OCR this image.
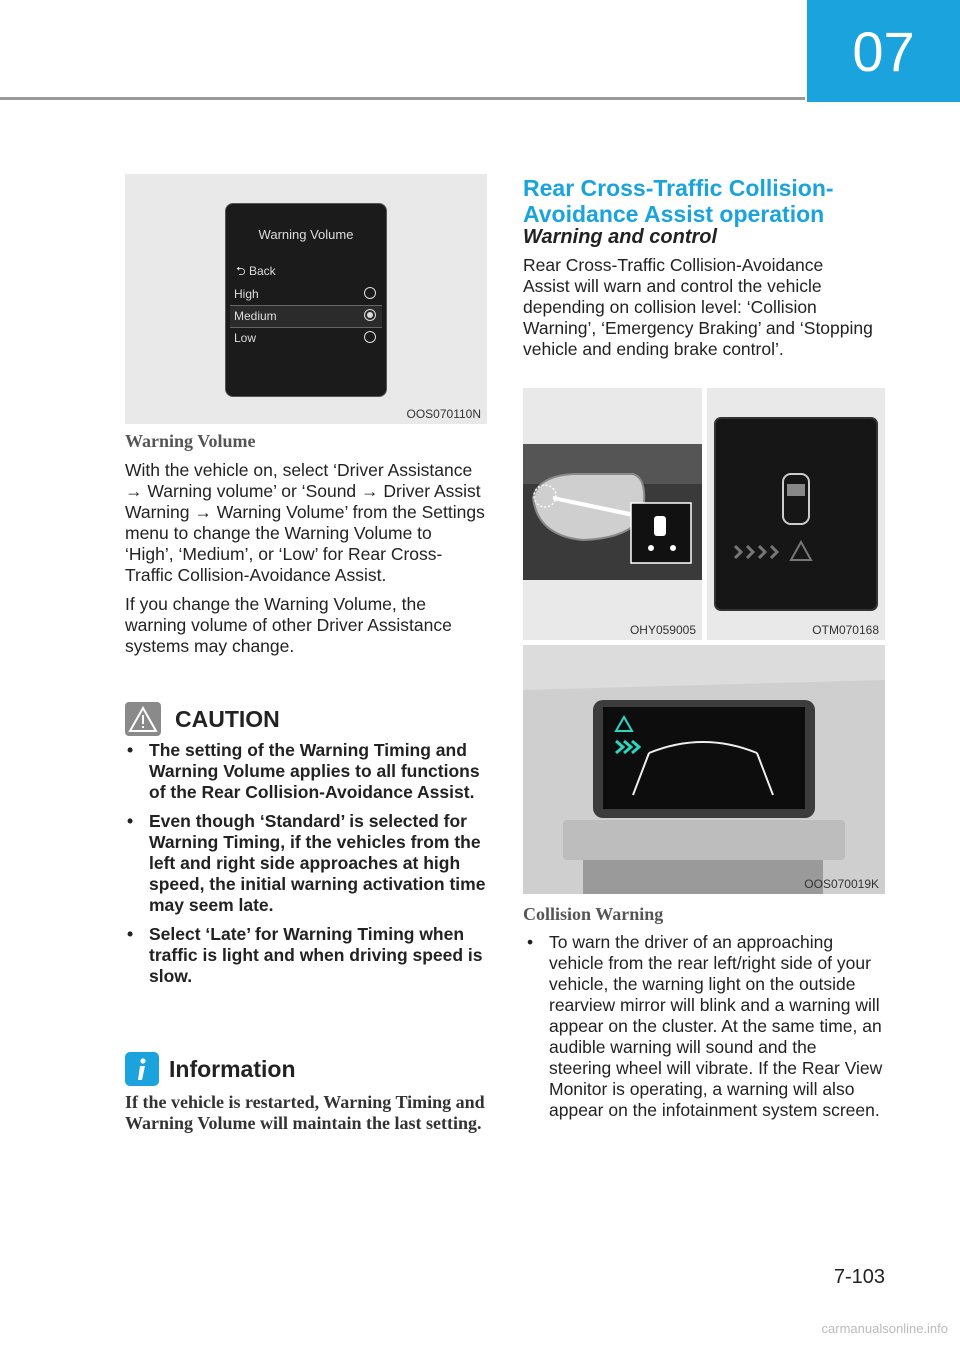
07
Warning Volume
⮌ Back
High
Medium
Low
OOS070110N
Warning Volume

With the vehicle on, select ‘Driver Assistance → Warning volume’ or ‘Sound → Driver Assist Warning → Warning Volume’ from the Settings menu to change the Warning Volume to ‘High’, ‘Medium’, or ‘Low’ for Rear Cross-Traffic Collision-Avoidance Assist.

If you change the Warning Volume, the warning volume of other Driver Assistance systems may change.

CAUTION
• The setting of the Warning Timing and Warning Volume applies to all functions of the Rear Collision-Avoidance Assist.
• Even though ‘Standard’ is selected for Warning Timing, if the vehicles from the left and right side approaches at high speed, the initial warning activation time may seem late.
• Select ‘Late’ for Warning Timing when traffic is light and when driving speed is slow.
Information
If the vehicle is restarted, Warning Timing and Warning Volume will maintain the last setting.
Rear Cross-Traffic Collision-Avoidance Assist operation
Warning and control
Rear Cross-Traffic Collision-Avoidance Assist will warn and control the vehicle depending on collision level: ‘Collision Warning’, ‘Emergency Braking’ and ‘Stopping vehicle and ending brake control’.
OHY059005	OTM070168
OOS070019K
Collision Warning
• To warn the driver of an approaching vehicle from the rear left/right side of your vehicle, the warning light on the outside rearview mirror will blink and a warning will appear on the cluster. At the same time, an audible warning will sound and the steering wheel will vibrate. If the Rear View Monitor is operating, a warning will also appear on the infotainment system screen.
7-103
carmanualsonline.info
